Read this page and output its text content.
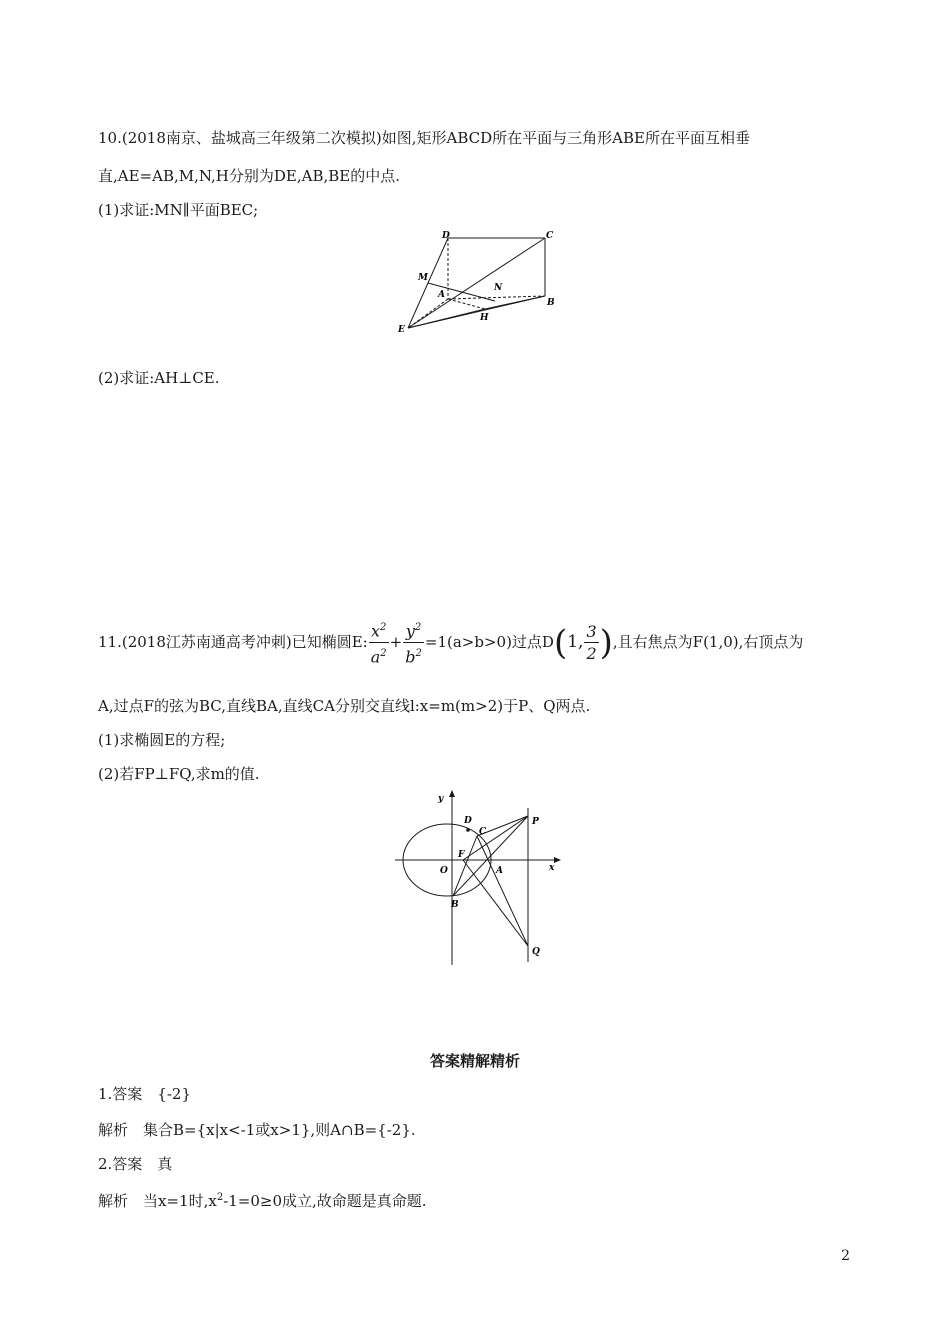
10.(2018南京、盐城高三年级第二次模拟)如图,矩形ABCD所在平面与三角形ABE所在平面互相垂
直,AE=AB,M,N,H分别为DE,AB,BE的中点.
(1)求证:MN∥平面BEC;
D	C
M
A
N
B
E
H
(2)求证:AH⊥CE.
11.(2018江苏南通高考冲刺)已知椭圆E: $\frac{x^2}{a^2} + \frac{y^2}{b^2} =1(a>b>0)$过点D(1, $\frac{3}{2}$ ),且右焦点为F(1,0),右顶点为
A,过点F的弦为BC,直线BA,直线CA分别交直线l:x=m(m>2)于P、Q两点.
(1)求椭圆E的方程;
(2)若FP⊥FQ,求m的值.
y
x
D
C
P
F
O	A
B
Q
答案精解精析
1.答案　{-2}
解析　集合B={x|x<-1或x>1},则A∩B={-2}.
2.答案　真
解析　当x=1时$,x^2-1=0\ge 0$成立,故命题是真命题.
2
